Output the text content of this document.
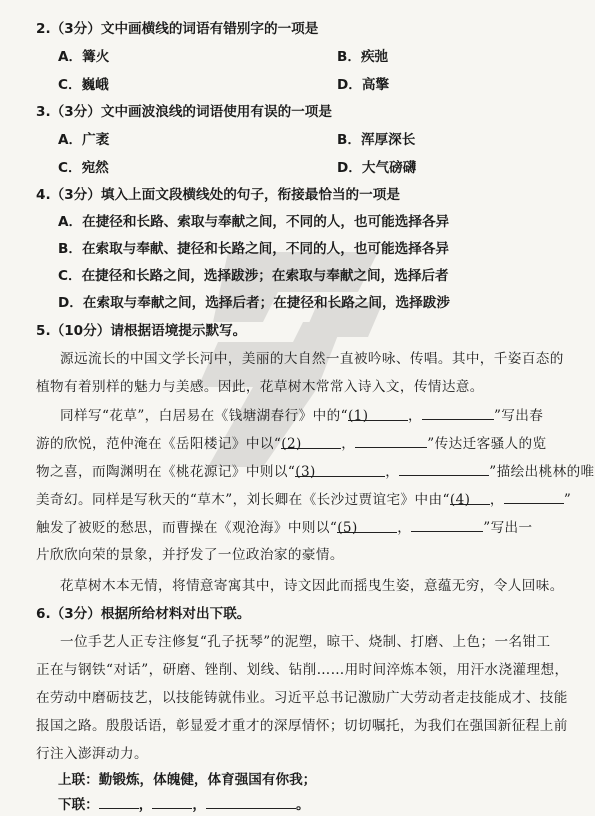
2.（3分）文中画横线的词语有错别字的一项是
A．篝火	B．疾弛
C．巍峨	D．高擎
3.（3分）文中画波浪线的词语使用有误的一项是
A．广袤	B．浑厚深长
C．宛然	D．大气磅礴
4.（3分）填入上面文段横线处的句子，衔接最恰当的一项是
A．在捷径和长路、索取与奉献之间，不同的人，也可能选择各异
B．在索取与奉献、捷径和长路之间，不同的人，也可能选择各异
C．在捷径和长路之间，选择跋涉；在索取与奉献之间，选择后者
D．在索取与奉献之间，选择后者；在捷径和长路之间，选择跋涉
5.（10分）请根据语境提示默写。
源远流长的中国文学长河中，美丽的大自然一直被吟咏、传唱。其中，千姿百态的
植物有着别样的魅力与美感。因此，花草树木常常入诗入文，传情达意。
同样写“花草”，白居易在《钱塘湖春行》中的“(1)	，	”写出春
游的欣悦，范仲淹在《岳阳楼记》中以“(2)	，	”传达迁客骚人的览
物之喜，而陶渊明在《桃花源记》中则以“(3)	，	”描绘出桃林的唯
美奇幻。同样是写秋天的“草木”，刘长卿在《长沙过贾谊宅》中由“(4) ，	”
触发了被贬的愁思，而曹操在《观沧海》中则以“(5)	，	”写出一
片欣欣向荣的景象，并抒发了一位政治家的豪情。
花草树木本无情，将情意寄寓其中，诗文因此而摇曳生姿，意蕴无穷，令人回味。
6.（3分）根据所给材料对出下联。
一位手艺人正专注修复“孔子抚琴”的泥塑，晾干、烧制、打磨、上色；一名钳工
正在与钢铁“对话”，研磨、锉削、划线、钻削……用时间淬炼本领，用汗水浇灌理想，
在劳动中磨砺技艺，以技能铸就伟业。习近平总书记激励广大劳动者走技能成才、技能
报国之路。殷殷话语，彰显爱才重才的深厚情怀；切切嘱托，为我们在强国新征程上前
行注入澎湃动力。
上联：勤锻炼，体魄健，体育强国有你我；
下联：	，	，	。
